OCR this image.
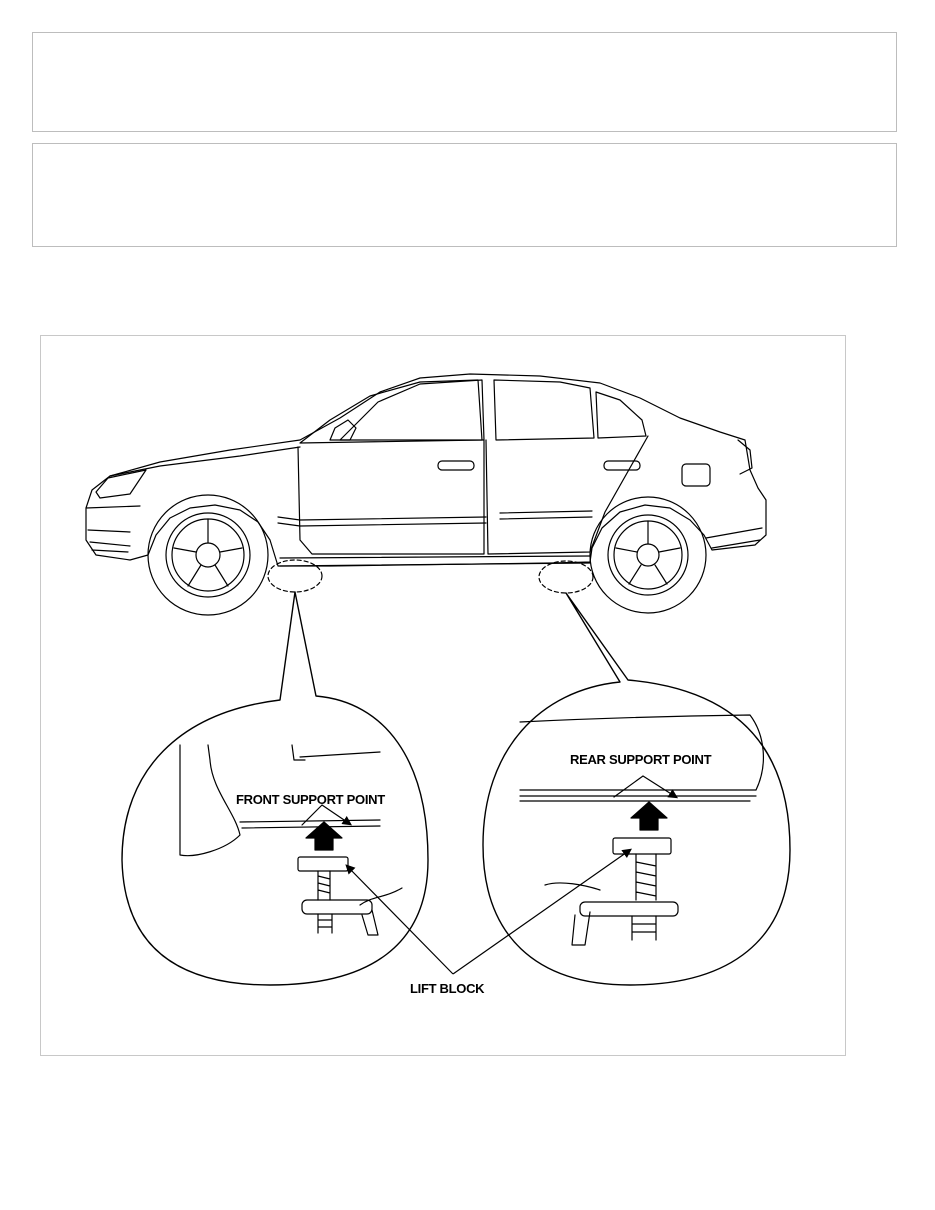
FRONT SUPPORT POINT
REAR SUPPORT POINT
LIFT BLOCK
